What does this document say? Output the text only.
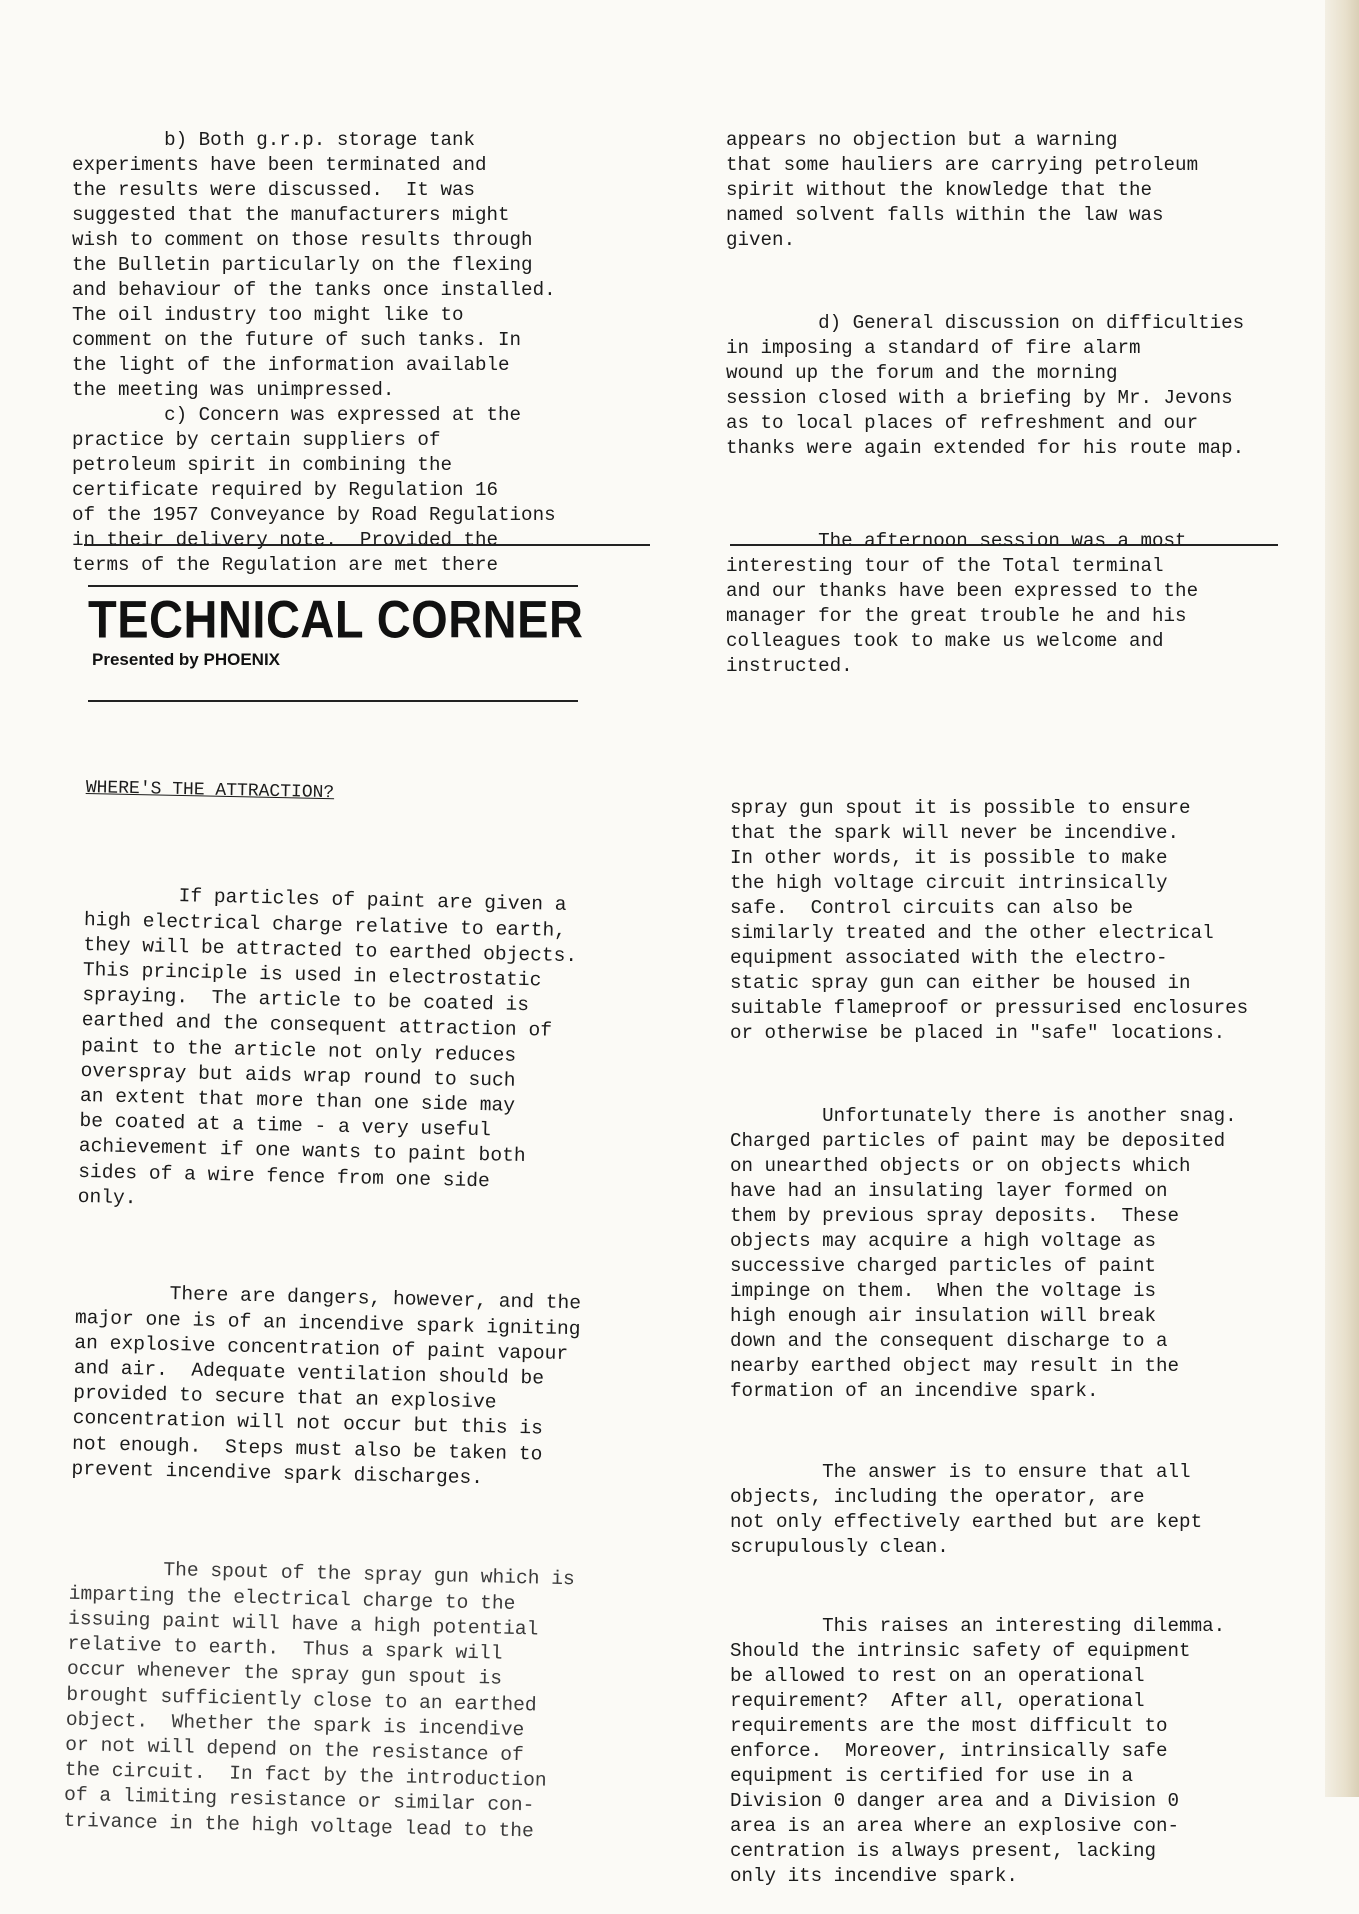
b) Both g.r.p. storage tank

experiments have been terminated and

the results were discussed.  It was

suggested that the manufacturers might

wish to comment on those results through

the Bulletin particularly on the flexing

and behaviour of the tanks once installed.

The oil industry too might like to

comment on the future of such tanks. In

the light of the information available

the meeting was unimpressed.

c) Concern was expressed at the

practice by certain suppliers of

petroleum spirit in combining the

certificate required by Regulation 16

of the 1957 Conveyance by Road Regulations

in their delivery note.  Provided the

terms of the Regulation are met there

appears no objection but a warning

that some hauliers are carrying petroleum

spirit without the knowledge that the

named solvent falls within the law was

given.

d) General discussion on difficulties

in imposing a standard of fire alarm

wound up the forum and the morning

session closed with a briefing by Mr. Jevons

as to local places of refreshment and our

thanks were again extended for his route map.

The afternoon session was a most

interesting tour of the Total terminal

and our thanks have been expressed to the

manager for the great trouble he and his

colleagues took to make us welcome and

instructed.

TECHNICAL CORNER
Presented by PHOENIX
WHERE'S THE ATTRACTION?

If particles of paint are given a

high electrical charge relative to earth,

they will be attracted to earthed objects.

This principle is used in electrostatic

spraying.  The article to be coated is

earthed and the consequent attraction of

paint to the article not only reduces

overspray but aids wrap round to such

an extent that more than one side may

be coated at a time - a very useful

achievement if one wants to paint both

sides of a wire fence from one side

only.

There are dangers, however, and the

major one is of an incendive spark igniting

an explosive concentration of paint vapour

and air.  Adequate ventilation should be

provided to secure that an explosive

concentration will not occur but this is

not enough.  Steps must also be taken to

prevent incendive spark discharges.

The spout of the spray gun which is

imparting the electrical charge to the

issuing paint will have a high potential

relative to earth.  Thus a spark will

occur whenever the spray gun spout is

brought sufficiently close to an earthed

object.  Whether the spark is incendive

or not will depend on the resistance of

the circuit.  In fact by the introduction

of a limiting resistance or similar con-

trivance in the high voltage lead to the

spray gun spout it is possible to ensure

that the spark will never be incendive.

In other words, it is possible to make

the high voltage circuit intrinsically

safe.  Control circuits can also be

similarly treated and the other electrical

equipment associated with the electro-

static spray gun can either be housed in

suitable flameproof or pressurised enclosures

or otherwise be placed in "safe" locations.

Unfortunately there is another snag.

Charged particles of paint may be deposited

on unearthed objects or on objects which

have had an insulating layer formed on

them by previous spray deposits.  These

objects may acquire a high voltage as

successive charged particles of paint

impinge on them.  When the voltage is

high enough air insulation will break

down and the consequent discharge to a

nearby earthed object may result in the

formation of an incendive spark.

The answer is to ensure that all

objects, including the operator, are

not only effectively earthed but are kept

scrupulously clean.

This raises an interesting dilemma.

Should the intrinsic safety of equipment

be allowed to rest on an operational

requirement?  After all, operational

requirements are the most difficult to

enforce.  Moreover, intrinsically safe

equipment is certified for use in a

Division 0 danger area and a Division 0

area is an area where an explosive con-

centration is always present, lacking

only its incendive spark.
